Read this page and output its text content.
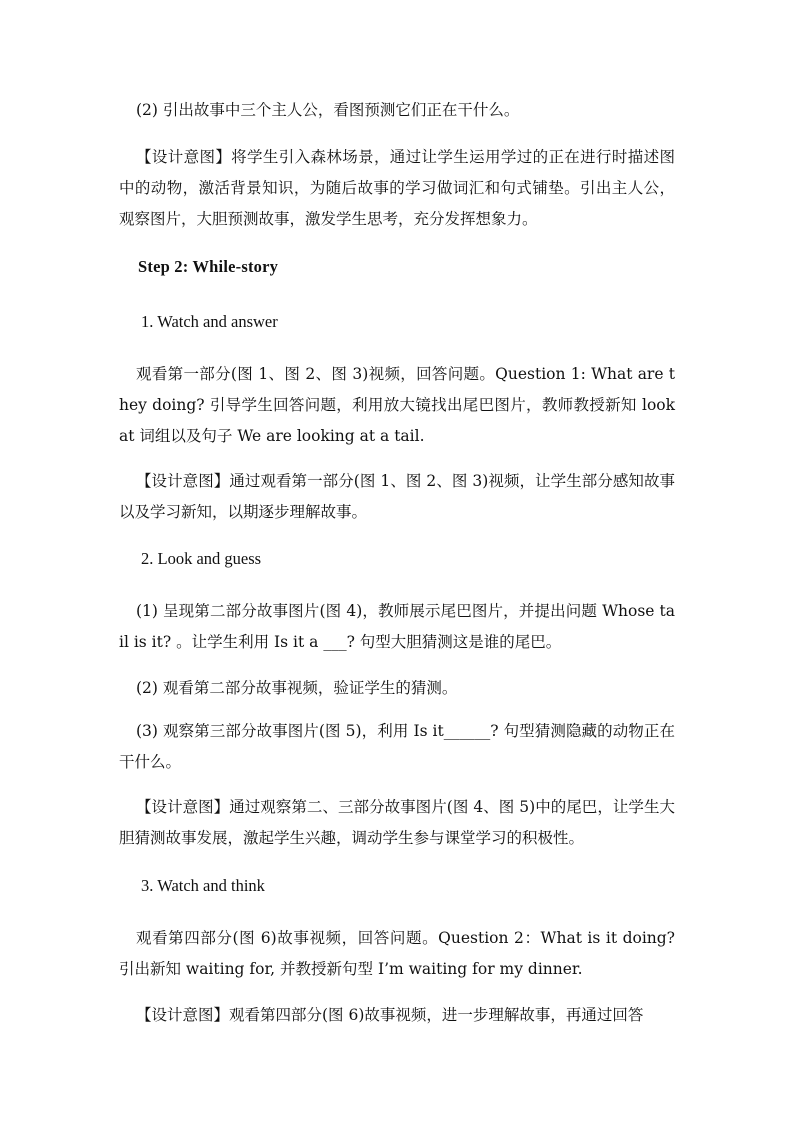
(2) 引出故事中三个主人公，看图预测它们正在干什么。

【设计意图】将学生引入森林场景，通过让学生运用学过的正在进行时描述图中的动物，激活背景知识，为随后故事的学习做词汇和句式铺垫。引出主人公，观察图片，大胆预测故事，激发学生思考，充分发挥想象力。

Step 2: While-story

1. Watch and answer

观看第一部分(图 1、图 2、图 3)视频，回答问题。Question 1: What are they doing? 引导学生回答问题，利用放大镜找出尾巴图片，教师教授新知 look at 词组以及句子 We are looking at a tail.

【设计意图】通过观看第一部分(图 1、图 2、图 3)视频，让学生部分感知故事以及学习新知，以期逐步理解故事。

2. Look and guess

(1) 呈现第二部分故事图片(图 4)，教师展示尾巴图片，并提出问题 Whose tail is it? 。让学生利用 Is it a ___? 句型大胆猜测这是谁的尾巴。

(2) 观看第二部分故事视频，验证学生的猜测。

(3) 观察第三部分故事图片(图 5)，利用 Is it______? 句型猜测隐藏的动物正在干什么。

【设计意图】通过观察第二、三部分故事图片(图 4、图 5)中的尾巴，让学生大胆猜测故事发展，激起学生兴趣，调动学生参与课堂学习的积极性。

3. Watch and think

观看第四部分(图 6)故事视频，回答问题。Question 2：What is it doing? 引出新知 waiting for, 并教授新句型 I’m waiting for my dinner.

【设计意图】观看第四部分(图 6)故事视频，进一步理解故事，再通过回答
